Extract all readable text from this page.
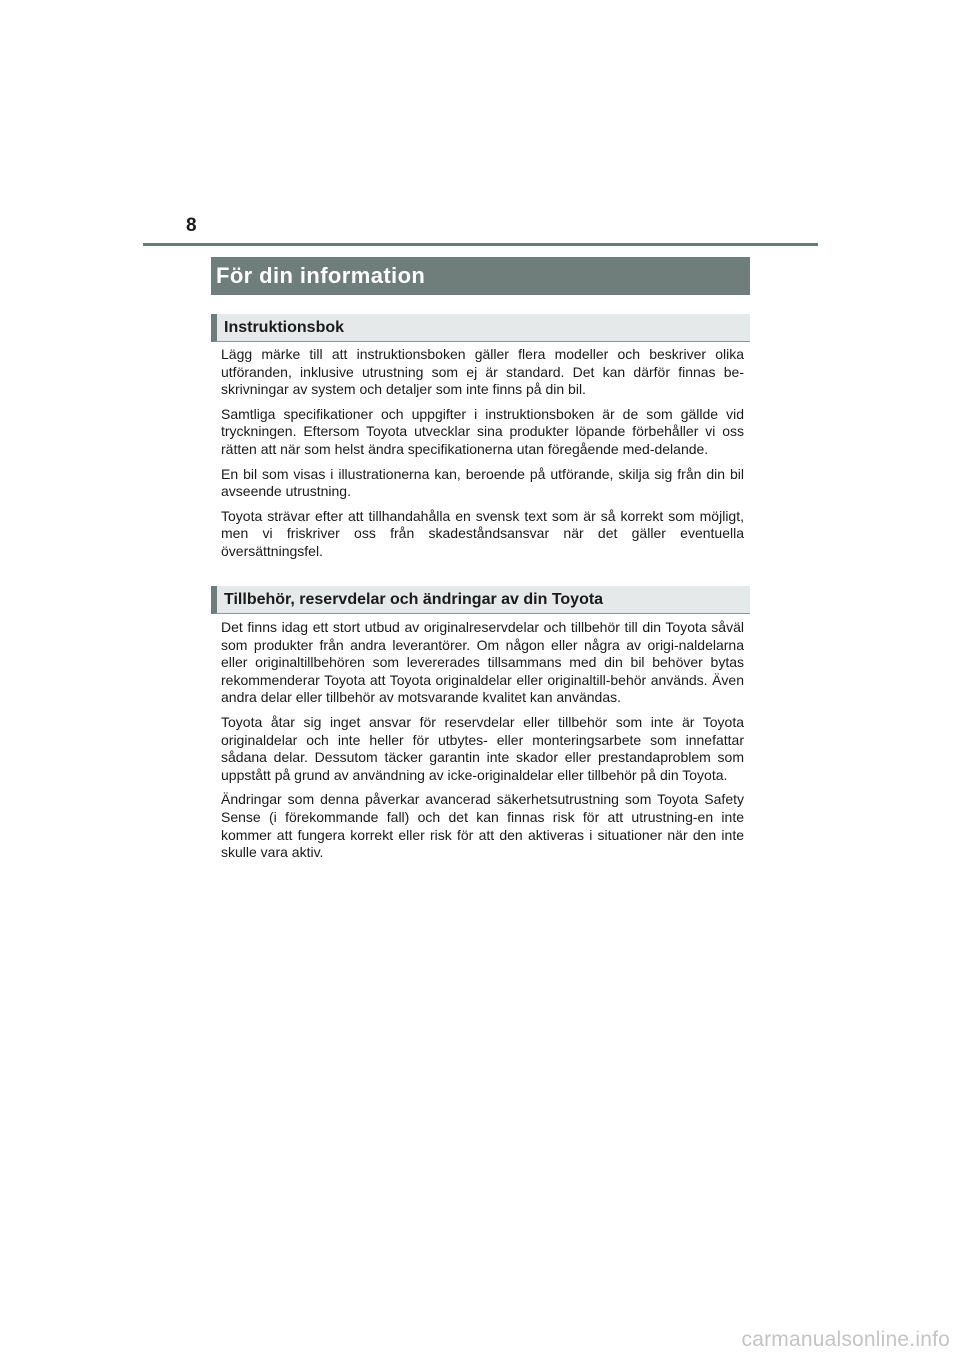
8
För din information
Instruktionsbok

Lägg märke till att instruktionsboken gäller flera modeller och beskriver olika utföranden, inklusive utrustning som ej är standard. Det kan därför finnas be-skrivningar av system och detaljer som inte finns på din bil.

Samtliga specifikationer och uppgifter i instruktionsboken är de som gällde vid tryckningen. Eftersom Toyota utvecklar sina produkter löpande förbehåller vi oss rätten att när som helst ändra specifikationerna utan föregående med-delande.

En bil som visas i illustrationerna kan, beroende på utförande, skilja sig från din bil avseende utrustning.

Toyota strävar efter att tillhandahålla en svensk text som är så korrekt som möjligt, men vi friskriver oss från skadeståndsansvar när det gäller eventuella översättningsfel.

Tillbehör, reservdelar och ändringar av din Toyota

Det finns idag ett stort utbud av originalreservdelar och tillbehör till din Toyota såväl som produkter från andra leverantörer. Om någon eller några av origi-naldelarna eller originaltillbehören som levererades tillsammans med din bil behöver bytas rekommenderar Toyota att Toyota originaldelar eller originaltill-behör används. Även andra delar eller tillbehör av motsvarande kvalitet kan användas.

Toyota åtar sig inget ansvar för reservdelar eller tillbehör som inte är Toyota originaldelar och inte heller för utbytes- eller monteringsarbete som innefattar sådana delar. Dessutom täcker garantin inte skador eller prestandaproblem som uppstått på grund av användning av icke-originaldelar eller tillbehör på din Toyota.

Ändringar som denna påverkar avancerad säkerhetsutrustning som Toyota Safety Sense (i förekommande fall) och det kan finnas risk för att utrustning-en inte kommer att fungera korrekt eller risk för att den aktiveras i situationer när den inte skulle vara aktiv.

carmanualsonline.info
